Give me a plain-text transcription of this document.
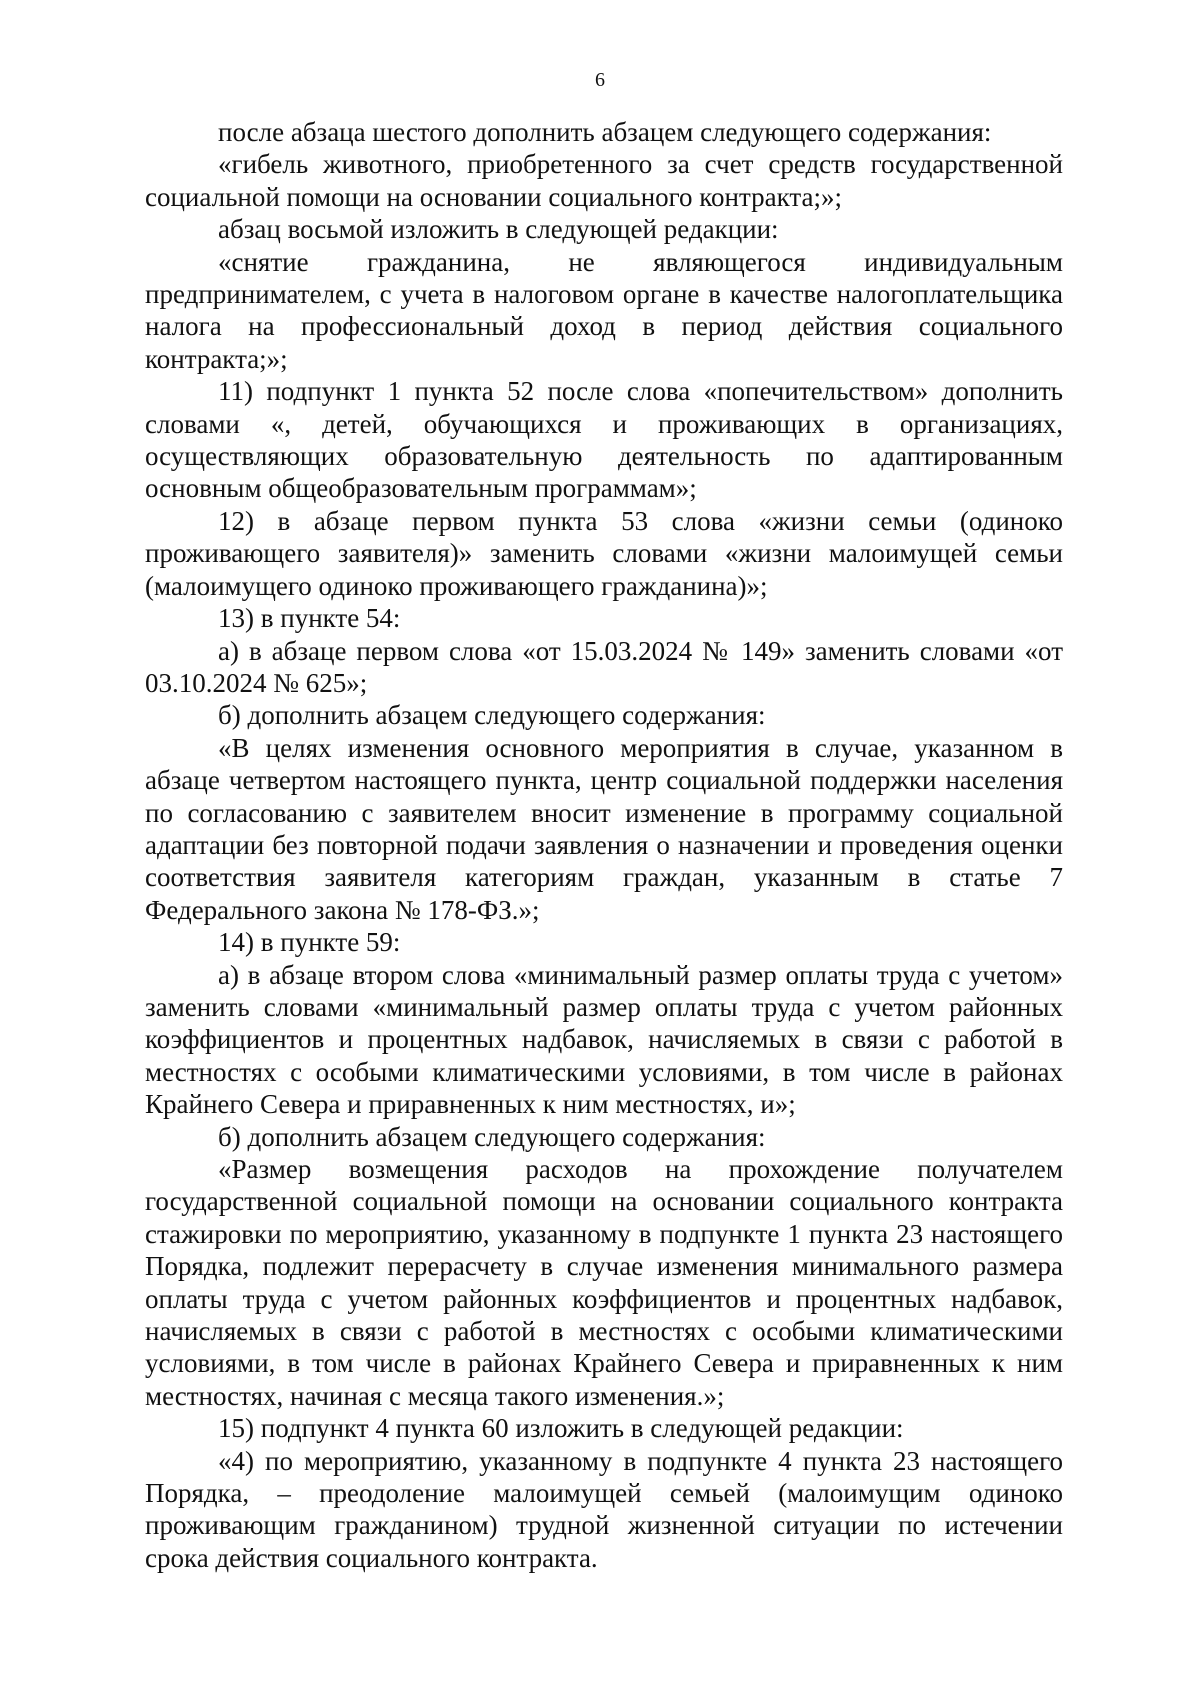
6

после абзаца шестого дополнить абзацем следующего содержания:

«гибель животного, приобретенного за счет средств государственной социальной помощи на основании социального контракта;»;

абзац восьмой изложить в следующей редакции:

«снятие гражданина, не являющегося индивидуальным предпринимателем, с учета в налоговом органе в качестве налогоплательщика налога на профессиональный доход в период действия социального контракта;»;

11) подпункт 1 пункта 52 после слова «попечительством» дополнить словами «, детей, обучающихся и проживающих в организациях, осуществляющих образовательную деятельность по адаптированным основным общеобразовательным программам»;

12) в абзаце первом пункта 53 слова «жизни семьи (одиноко проживающего заявителя)» заменить словами «жизни малоимущей семьи (малоимущего одиноко проживающего гражданина)»;

13) в пункте 54:

а) в абзаце первом слова «от 15.03.2024 № 149» заменить словами «от 03.10.2024 № 625»;

б) дополнить абзацем следующего содержания:

«В целях изменения основного мероприятия в случае, указанном в абзаце четвертом настоящего пункта, центр социальной поддержки населения по согласованию с заявителем вносит изменение в программу социальной адаптации без повторной подачи заявления о назначении и проведения оценки соответствия заявителя категориям граждан, указанным в статье 7 Федерального закона № 178-ФЗ.»;

14) в пункте 59:

а) в абзаце втором слова «минимальный размер оплаты труда с учетом» заменить словами «минимальный размер оплаты труда с учетом районных коэффициентов и процентных надбавок, начисляемых в связи с работой в местностях с особыми климатическими условиями, в том числе в районах Крайнего Севера и приравненных к ним местностях, и»;

б) дополнить абзацем следующего содержания:

«Размер возмещения расходов на прохождение получателем государственной социальной помощи на основании социального контракта стажировки по мероприятию, указанному в подпункте 1 пункта 23 настоящего Порядка, подлежит перерасчету в случае изменения минимального размера оплаты труда с учетом районных коэффициентов и процентных надбавок, начисляемых в связи с работой в местностях с особыми климатическими условиями, в том числе в районах Крайнего Севера и приравненных к ним местностях, начиная с месяца такого изменения.»;

15) подпункт 4 пункта 60 изложить в следующей редакции:

«4) по мероприятию, указанному в подпункте 4 пункта 23 настоящего Порядка, – преодоление малоимущей семьей (малоимущим одиноко проживающим гражданином) трудной жизненной ситуации по истечении срока действия социального контракта.
